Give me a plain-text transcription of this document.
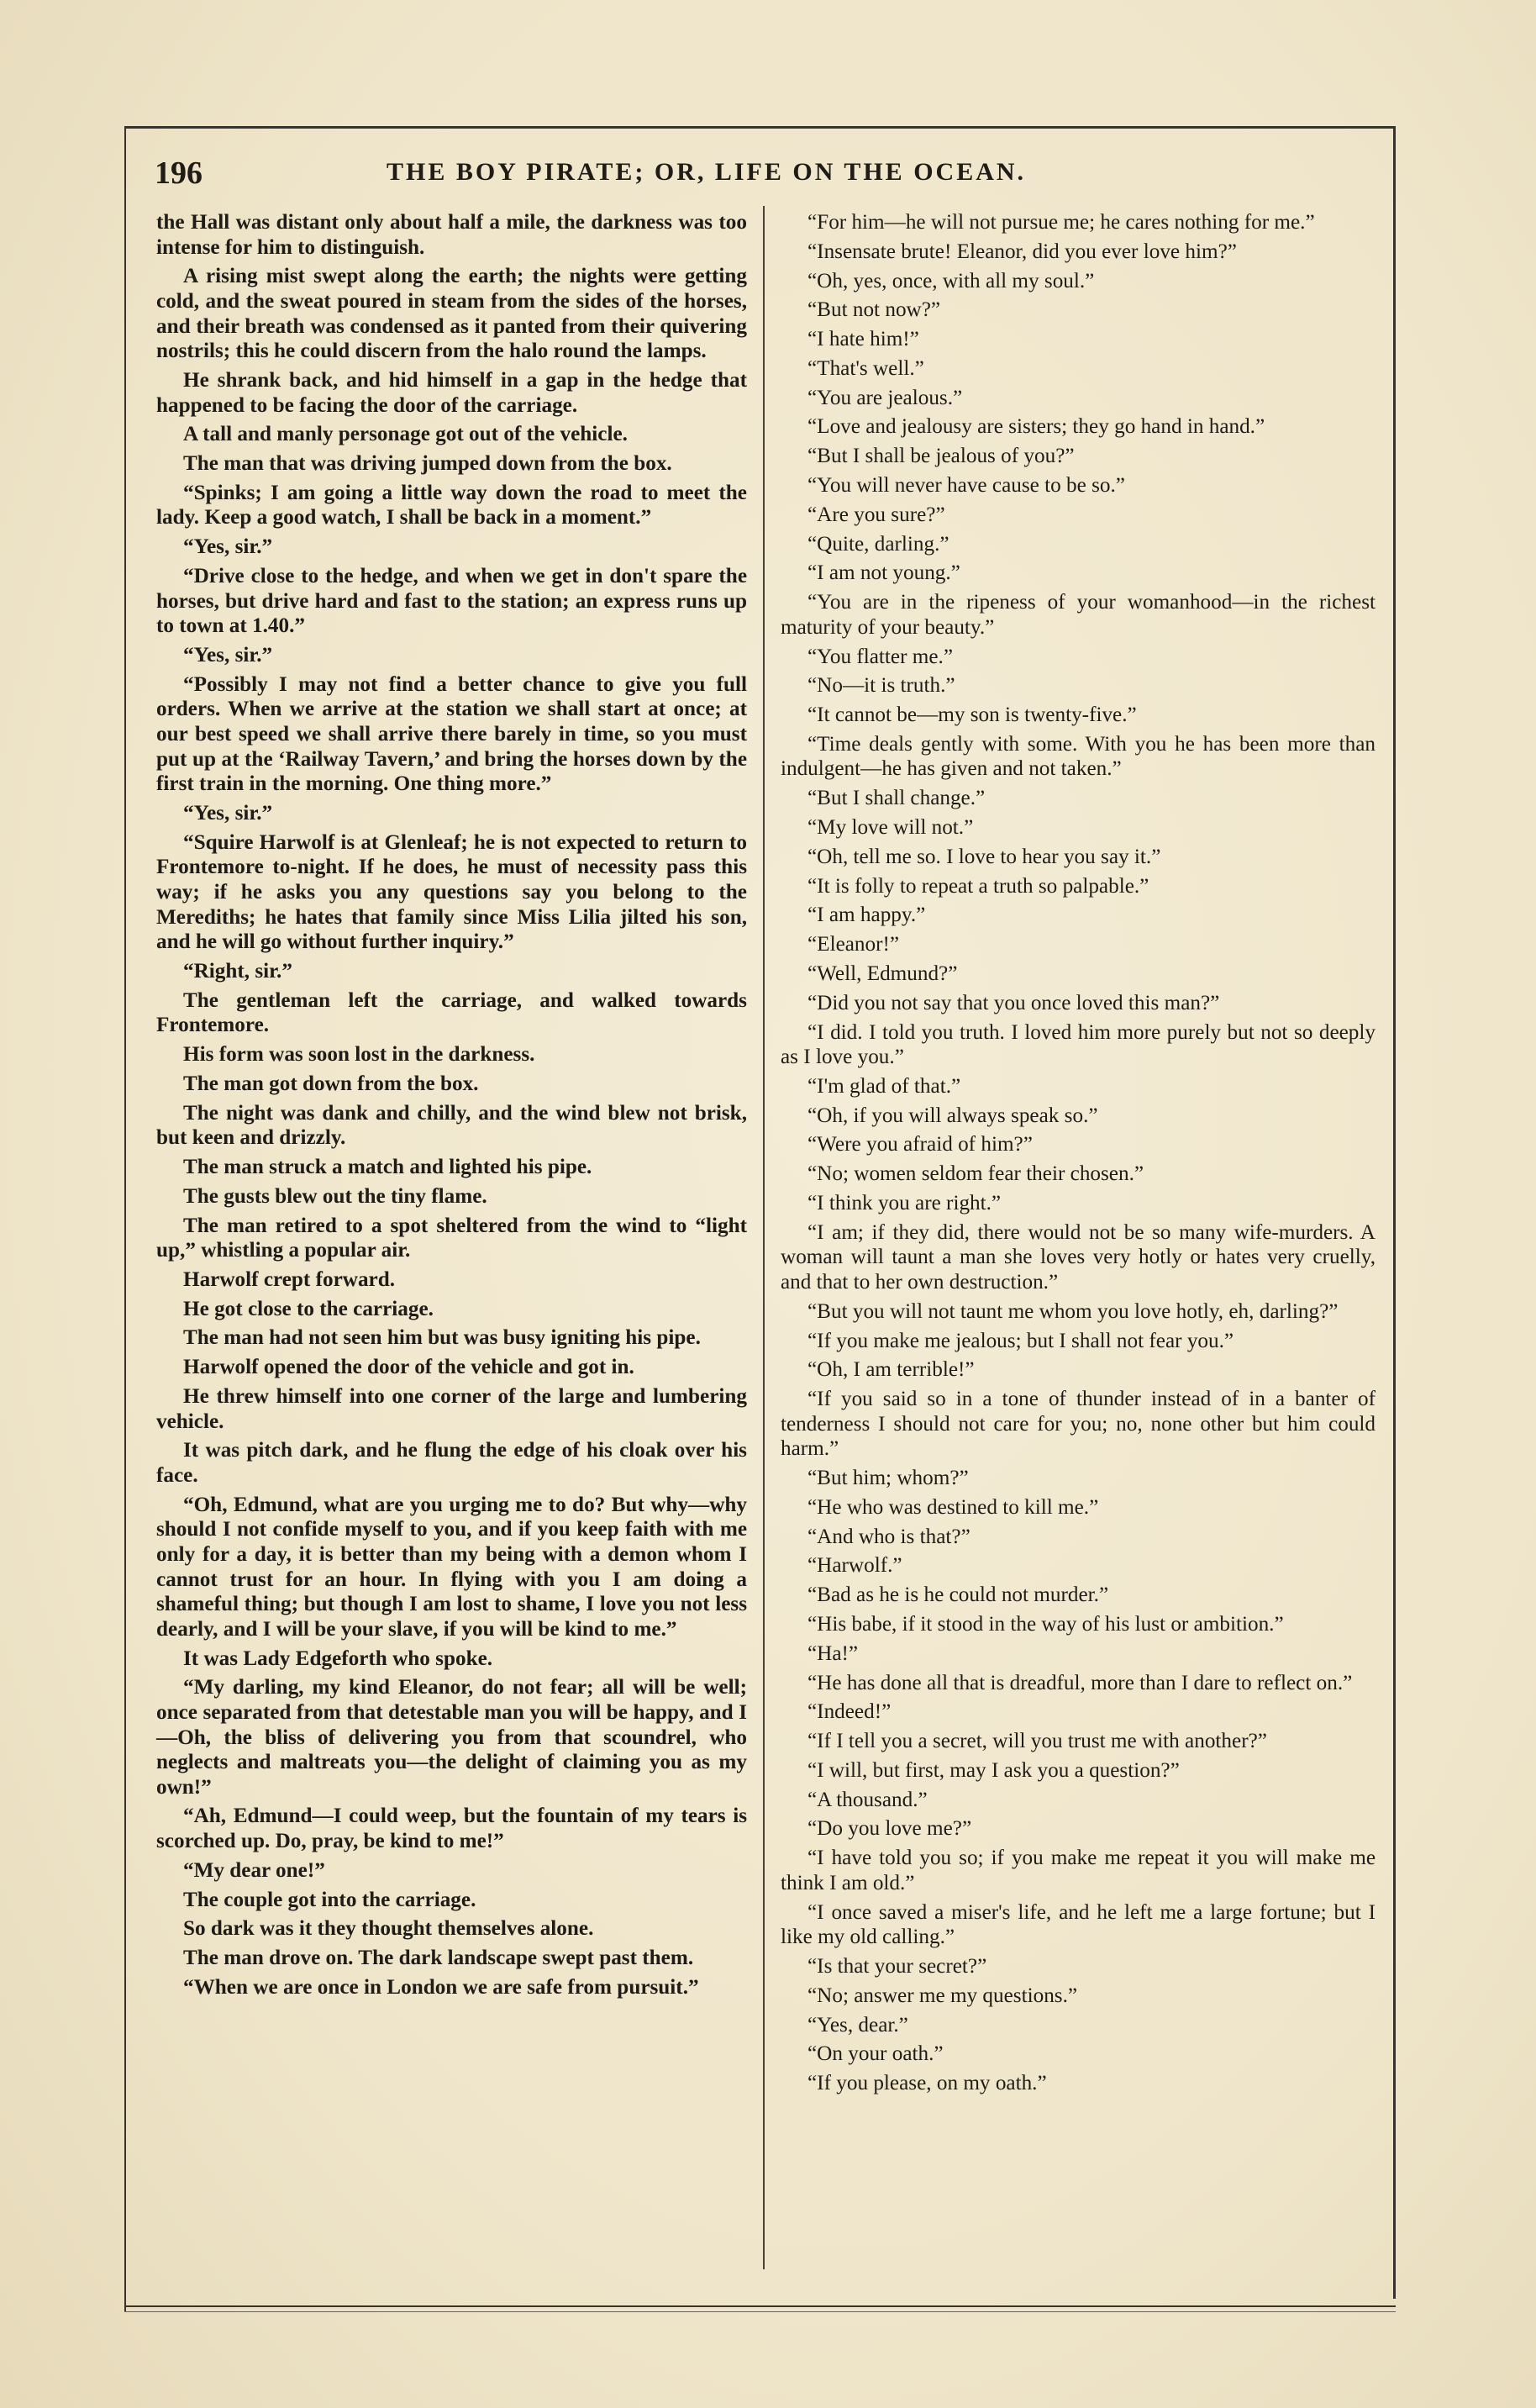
196	THE BOY PIRATE; OR, LIFE ON THE OCEAN.

the Hall was distant only about half a mile, the darkness was too intense for him to distinguish.

A rising mist swept along the earth; the nights were getting cold, and the sweat poured in steam from the sides of the horses, and their breath was condensed as it panted from their quivering nostrils; this he could discern from the halo round the lamps.

He shrank back, and hid himself in a gap in the hedge that happened to be facing the door of the carriage.

A tall and manly personage got out of the vehicle.

The man that was driving jumped down from the box.

“Spinks; I am going a little way down the road to meet the lady. Keep a good watch, I shall be back in a moment.”

“Yes, sir.”

“Drive close to the hedge, and when we get in don't spare the horses, but drive hard and fast to the station; an express runs up to town at 1.40.”

“Yes, sir.”

“Possibly I may not find a better chance to give you full orders. When we arrive at the station we shall start at once; at our best speed we shall arrive there barely in time, so you must put up at the ‘Railway Tavern,’ and bring the horses down by the first train in the morning. One thing more.”

“Yes, sir.”

“Squire Harwolf is at Glenleaf; he is not expected to return to Frontemore to-night. If he does, he must of necessity pass this way; if he asks you any questions say you belong to the Merediths; he hates that family since Miss Lilia jilted his son, and he will go without further inquiry.”

“Right, sir.”

The gentleman left the carriage, and walked towards Frontemore.

His form was soon lost in the darkness.

The man got down from the box.

The night was dank and chilly, and the wind blew not brisk, but keen and drizzly.

The man struck a match and lighted his pipe.

The gusts blew out the tiny flame.

The man retired to a spot sheltered from the wind to “light up,” whistling a popular air.

Harwolf crept forward.

He got close to the carriage.

The man had not seen him but was busy igniting his pipe.

Harwolf opened the door of the vehicle and got in.

He threw himself into one corner of the large and lumbering vehicle.

It was pitch dark, and he flung the edge of his cloak over his face.

“Oh, Edmund, what are you urging me to do? But why—why should I not confide myself to you, and if you keep faith with me only for a day, it is better than my being with a demon whom I cannot trust for an hour. In flying with you I am doing a shameful thing; but though I am lost to shame, I love you not less dearly, and I will be your slave, if you will be kind to me.”

It was Lady Edgeforth who spoke.

“My darling, my kind Eleanor, do not fear; all will be well; once separated from that detestable man you will be happy, and I—Oh, the bliss of delivering you from that scoundrel, who neglects and maltreats you—the delight of claiming you as my own!”

“Ah, Edmund—I could weep, but the fountain of my tears is scorched up. Do, pray, be kind to me!”

“My dear one!”

The couple got into the carriage.

So dark was it they thought themselves alone.

The man drove on. The dark landscape swept past them.

“When we are once in London we are safe from pursuit.”

“For him—he will not pursue me; he cares nothing for me.”

“Insensate brute! Eleanor, did you ever love him?”

“Oh, yes, once, with all my soul.”

“But not now?”

“I hate him!”

“That's well.”

“You are jealous.”

“Love and jealousy are sisters; they go hand in hand.”

“But I shall be jealous of you?”

“You will never have cause to be so.”

“Are you sure?”

“Quite, darling.”

“I am not young.”

“You are in the ripeness of your womanhood—in the richest maturity of your beauty.”

“You flatter me.”

“No—it is truth.”

“It cannot be—my son is twenty-five.”

“Time deals gently with some. With you he has been more than indulgent—he has given and not taken.”

“But I shall change.”

“My love will not.”

“Oh, tell me so. I love to hear you say it.”

“It is folly to repeat a truth so palpable.”

“I am happy.”

“Eleanor!”

“Well, Edmund?”

“Did you not say that you once loved this man?”

“I did. I told you truth. I loved him more purely but not so deeply as I love you.”

“I'm glad of that.”

“Oh, if you will always speak so.”

“Were you afraid of him?”

“No; women seldom fear their chosen.”

“I think you are right.”

“I am; if they did, there would not be so many wife-murders. A woman will taunt a man she loves very hotly or hates very cruelly, and that to her own destruction.”

“But you will not taunt me whom you love hotly, eh, darling?”

“If you make me jealous; but I shall not fear you.”

“Oh, I am terrible!”

“If you said so in a tone of thunder instead of in a banter of tenderness I should not care for you; no, none other but him could harm.”

“But him; whom?”

“He who was destined to kill me.”

“And who is that?”

“Harwolf.”

“Bad as he is he could not murder.”

“His babe, if it stood in the way of his lust or ambition.”

“Ha!”

“He has done all that is dreadful, more than I dare to reflect on.”

“Indeed!”

“If I tell you a secret, will you trust me with another?”

“I will, but first, may I ask you a question?”

“A thousand.”

“Do you love me?”

“I have told you so; if you make me repeat it you will make me think I am old.”

“I once saved a miser's life, and he left me a large fortune; but I like my old calling.”

“Is that your secret?”

“No; answer me my questions.”

“Yes, dear.”

“On your oath.”

“If you please, on my oath.”
